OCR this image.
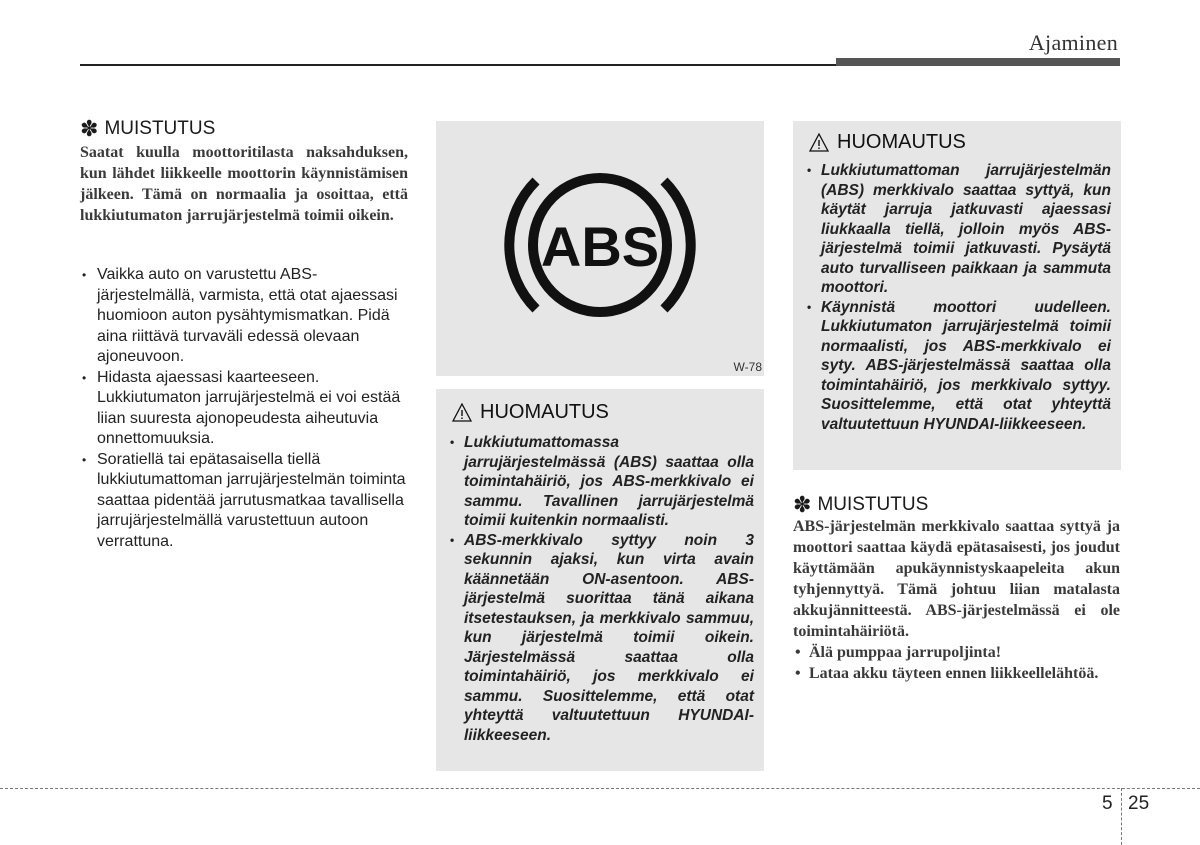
Ajaminen
✽ MUISTUTUS
Saatat kuulla moottoritilasta naksahduksen, kun lähdet liikkeelle moottorin käynnistämisen jälkeen. Tämä on normaalia ja osoittaa, että lukkiutumaton jarrujärjestelmä toimii oikein.
• Vaikka auto on varustettu ABS-järjestelmällä, varmista, että otat ajaessasi huomioon auton pysähtymismatkan. Pidä aina riittävä turvaväli edessä olevaan ajoneuvoon.
• Hidasta ajaessasi kaarteeseen. Lukkiutumaton jarrujärjestelmä ei voi estää liian suuresta ajonopeudesta aiheutuvia onnettomuuksia.
• Soratiellä tai epätasaisella tiellä lukkiutumattoman jarrujärjestelmän toiminta saattaa pidentää jarrutusmatkaa tavallisella jarrujärjestelmällä varustettuun autoon verrattuna.
ABS
W-78
HUOMAUTUS
• Lukkiutumattomassa jarrujärjestelmässä (ABS) saattaa olla toimintahäiriö, jos ABS-merkkivalo ei sammu. Tavallinen jarrujärjestelmä toimii kuitenkin normaalisti.
• ABS-merkkivalo syttyy noin 3 sekunnin ajaksi, kun virta avain käännetään ON-asentoon. ABS-järjestelmä suorittaa tänä aikana itsetestauksen, ja merkkivalo sammuu, kun järjestelmä toimii oikein. Järjestelmässä saattaa olla toimintahäiriö, jos merkkivalo ei sammu. Suosittelemme, että otat yhteyttä valtuutettuun HYUNDAI-liikkeeseen.
HUOMAUTUS
• Lukkiutumattoman jarrujärjestelmän (ABS) merkkivalo saattaa syttyä, kun käytät jarruja jatkuvasti ajaessasi liukkaalla tiellä, jolloin myös ABS-järjestelmä toimii jatkuvasti. Pysäytä auto turvalliseen paikkaan ja sammuta moottori.
• Käynnistä moottori uudelleen. Lukkiutumaton jarrujärjestelmä toimii normaalisti, jos ABS-merkkivalo ei syty. ABS-järjestelmässä saattaa olla toimintahäiriö, jos merkkivalo syttyy. Suosittelemme, että otat yhteyttä valtuutettuun HYUNDAI-liikkeeseen.
✽ MUISTUTUS
ABS-järjestelmän merkkivalo saattaa syttyä ja moottori saattaa käydä epätasaisesti, jos joudut käyttämään apukäynnistyskaapeleita akun tyhjennyttyä. Tämä johtuu liian matalasta akkujännitteestä. ABS-järjestelmässä ei ole toimintahäiriötä.
• Älä pumppaa jarrupoljinta!
• Lataa akku täyteen ennen liikkeellelähtöä.
5 25
